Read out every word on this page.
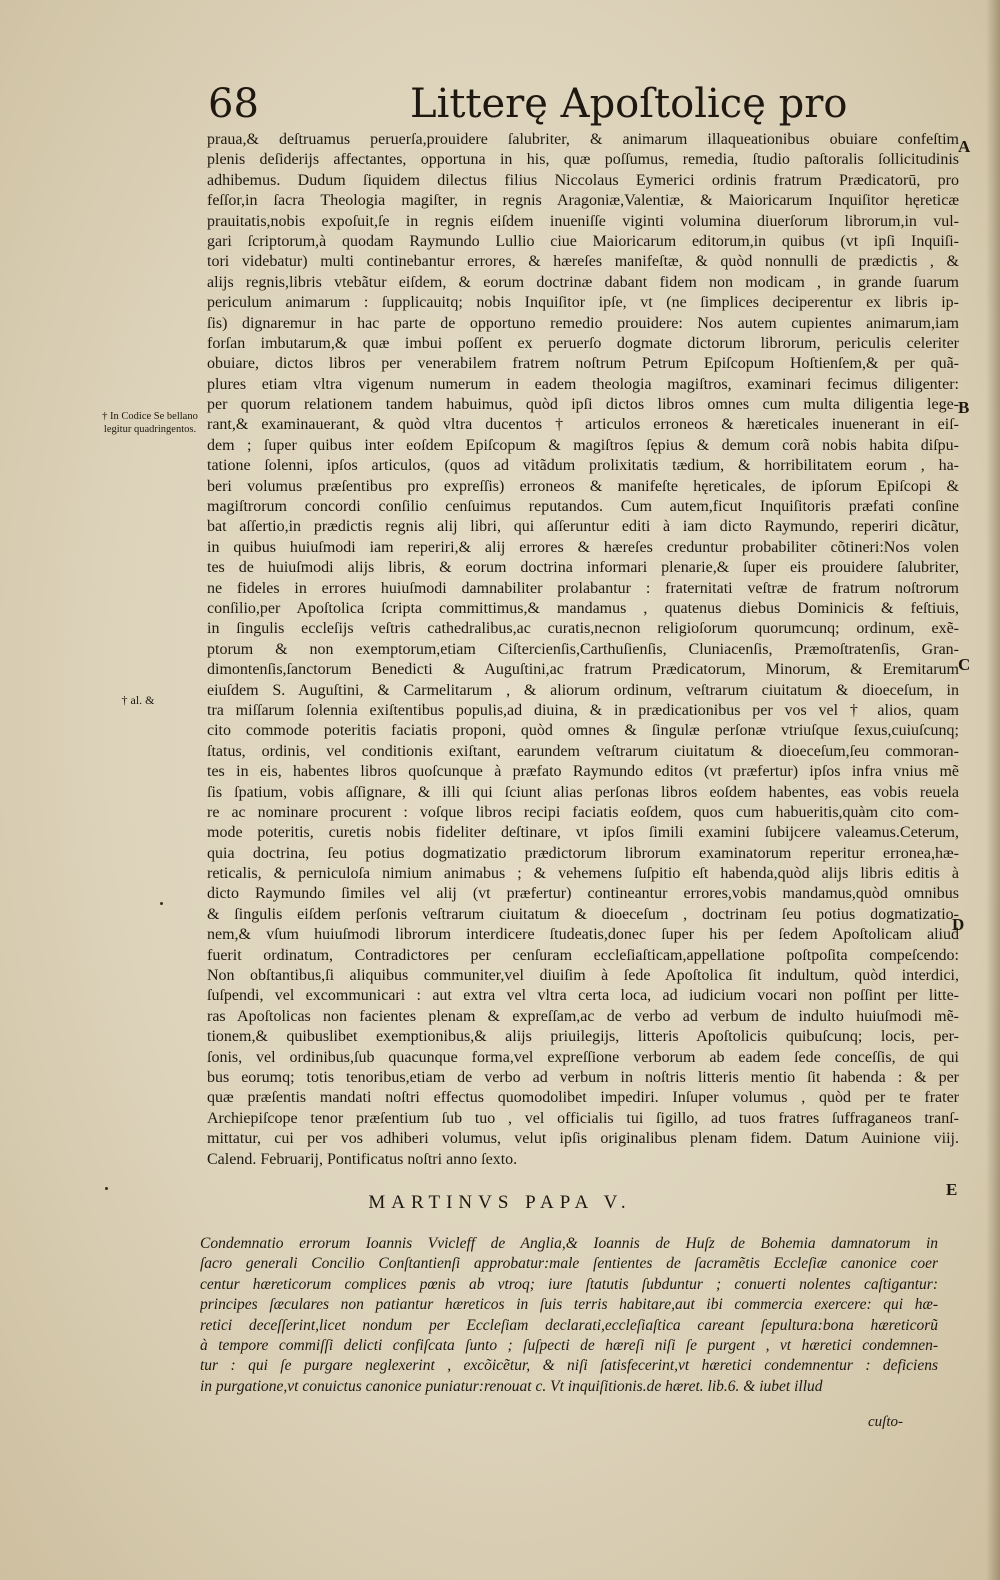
68	Litterę Apoſtolicę pro
praua,& deſtruamus peruerſa,prouidere ſalubriter, & animarum illaqueationibus obuiare confeſtim
plenis deſiderijs affectantes, opportuna in his, quæ poſſumus, remedia, ſtudio paſtoralis ſollicitudinis
adhibemus. Dudum ſiquidem dilectus filius Niccolaus Eymerici ordinis fratrum Prædicatorū, pro
feſſor,in ſacra Theologia magiſter, in regnis Aragoniæ,Valentiæ, & Maioricarum Inquiſitor hęreticæ
prauitatis,nobis expoſuit,ſe in regnis eiſdem inueniſſe viginti volumina diuerſorum librorum,in vul-
gari ſcriptorum,à quodam Raymundo Lullio ciue Maioricarum editorum,in quibus (vt ipſi Inquiſi-
tori videbatur) multi continebantur errores, & hæreſes manifeſtæ, & quòd nonnulli de prædictis , &
alijs regnis,libris vtebãtur eiſdem, & eorum doctrinæ dabant fidem non modicam , in grande ſuarum
periculum animarum : ſupplicauitq; nobis Inquiſitor ipſe, vt (ne ſimplices deciperentur ex libris ip-
ſis) dignaremur in hac parte de opportuno remedio prouidere: Nos autem cupientes animarum,iam
forſan imbutarum,& quæ imbui poſſent ex peruerſo dogmate dictorum librorum, periculis celeriter
obuiare, dictos libros per venerabilem fratrem noſtrum Petrum Epiſcopum Hoſtienſem,& per quã-
plures etiam vltra vigenum numerum in eadem theologia magiſtros, examinari fecimus diligenter:
per quorum relationem tandem habuimus, quòd ipſi dictos libros omnes cum multa diligentia lege-
rant,& examinauerant, & quòd vltra ducentos † articulos erroneos & hæreticales inuenerant in eiſ-
dem ; ſuper quibus inter eoſdem Epiſcopum & magiſtros ſępius & demum corã nobis habita diſpu-
tatione ſolenni, ipſos articulos, (quos ad vitãdum prolixitatis tædium, & horribilitatem eorum , ha-
beri volumus præſentibus pro expreſſis) erroneos & manifeſte hęreticales, de ipſorum Epiſcopi &
magiſtrorum concordi conſilio cenſuimus reputandos. Cum autem,ficut Inquiſitoris præfati conſine
bat aſſertio,in prædictis regnis alij libri, qui aſſeruntur editi à iam dicto Raymundo, reperiri dicãtur,
in quibus huiuſmodi iam reperiri,& alij errores & hæreſes creduntur probabiliter cõtineri:Nos volen
tes de huiuſmodi alijs libris, & eorum doctrina informari plenarie,& ſuper eis prouidere ſalubriter,
ne fideles in errores huiuſmodi damnabiliter prolabantur : fraternitati veſtræ de fratrum noſtrorum
conſilio,per Apoſtolica ſcripta committimus,& mandamus , quatenus diebus Dominicis & feſtiuis,
in ſingulis eccleſijs veſtris cathedralibus,ac curatis,necnon religioſorum quorumcunq; ordinum, exẽ-
ptorum & non exemptorum,etiam Ciſtercienſis,Carthuſienſis, Cluniacenſis, Præmoſtratenſis, Gran-
dimontenſis,ſanctorum Benedicti & Auguſtini,ac fratrum Prædicatorum, Minorum, & Eremitarum
eiuſdem S. Auguſtini, & Carmelitarum , & aliorum ordinum, veſtrarum ciuitatum & dioeceſum, in
tra miſſarum ſolennia exiſtentibus populis,ad diuina, & in prædicationibus per vos vel † alios, quam
cito commode poteritis faciatis proponi, quòd omnes & ſingulæ perſonæ vtriuſque ſexus,cuiuſcunq;
ſtatus, ordinis, vel conditionis exiſtant, earundem veſtrarum ciuitatum & dioeceſum,ſeu commoran-
tes in eis, habentes libros quoſcunque à præfato Raymundo editos (vt præfertur) ipſos infra vnius mẽ
ſis ſpatium, vobis aſſignare, & illi qui ſciunt alias perſonas libros eoſdem habentes, eas vobis reuela
re ac nominare procurent : voſque libros recipi faciatis eoſdem, quos cum habueritis,quàm cito com-
mode poteritis, curetis nobis fideliter deſtinare, vt ipſos ſimili examini ſubijcere valeamus.Ceterum,
quia doctrina, ſeu potius dogmatizatio prædictorum librorum examinatorum reperitur erronea,hæ-
reticalis, & perniculoſa nimium animabus ; & vehemens ſuſpitio eſt habenda,quòd alijs libris editis à
dicto Raymundo ſimiles vel alij (vt præfertur) contineantur errores,vobis mandamus,quòd omnibus
& ſingulis eiſdem perſonis veſtrarum ciuitatum & dioeceſum , doctrinam ſeu potius dogmatizatio-
nem,& vſum huiuſmodi librorum interdicere ſtudeatis,donec ſuper his per ſedem Apoſtolicam aliud
fuerit ordinatum, Contradictores per cenſuram eccleſiaſticam,appellatione poſtpoſita compeſcendo:
Non obſtantibus,ſi aliquibus communiter,vel diuiſim à ſede Apoſtolica ſit indultum, quòd interdici,
ſuſpendi, vel excommunicari : aut extra vel vltra certa loca, ad iudicium vocari non poſſint per litte-
ras Apoſtolicas non facientes plenam & expreſſam,ac de verbo ad verbum de indulto huiuſmodi mẽ-
tionem,& quibuslibet exemptionibus,& alijs priuilegijs, litteris Apoſtolicis quibuſcunq; locis, per-
ſonis, vel ordinibus,ſub quacunque forma,vel expreſſione verborum ab eadem ſede conceſſis, de qui
bus eorumq; totis tenoribus,etiam de verbo ad verbum in noſtris litteris mentio ſit habenda : & per
quæ præſentis mandati noſtri effectus quomodolibet impediri. Inſuper volumus , quòd per te frater
Archiepiſcope tenor præſentium ſub tuo , vel officialis tui ſigillo, ad tuos fratres ſuffraganeos tranſ-
mittatur, cui per vos adhiberi volumus, velut ipſis originalibus plenam fidem. Datum Auinione viij.
Calend. Februarij, Pontificatus noſtri anno ſexto.
† In Codice Se bellano legitur quadringentos.
† al. &
A
B
C
D
E
MARTINVS PAPA V.
Condemnatio errorum Ioannis Vvicleff de Anglia,& Ioannis de Huſz de Bohemia damnatorum in
ſacro generali Concilio Conſtantienſi approbatur:male ſentientes de ſacramẽtis Eccleſiæ canonice coer
centur hæreticorum complices pœnis ab vtroq; iure ſtatutis ſubduntur ; conuerti nolentes caſtigantur:
principes ſæculares non patiantur hæreticos in ſuis terris habitare,aut ibi commercia exercere: qui hæ-
retici deceſſerint,licet nondum per Eccleſiam declarati,eccleſiaſtica careant ſepultura:bona hæreticorũ
à tempore commiſſi delicti confiſcata ſunto ; ſuſpecti de hæreſi niſi ſe purgent , vt hæretici condemnen-
tur : qui ſe purgare neglexerint , excõicẽtur, & niſi ſatisfecerint,vt hæretici condemnentur : deficiens
in purgatione,vt conuictus canonice puniatur:renouat c. Vt inquiſitionis.de hæret. lib.6. & iubet illud
cuſto-
